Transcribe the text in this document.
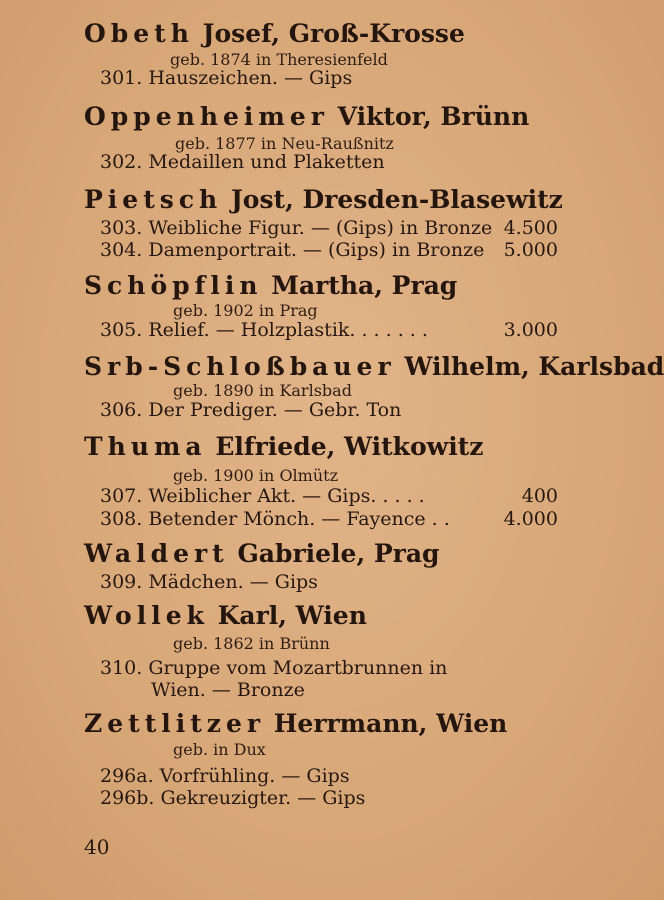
Obeth Josef, Groß-Krosse
geb. 1874 in Theresienfeld
301. Hauszeichen. — Gips
Oppenheimer Viktor, Brünn
geb. 1877 in Neu-Raußnitz
302. Medaillen und Plaketten
Pietsch Jost, Dresden-Blasewitz
303. Weibliche Figur. — (Gips) in Bronze 4.500
304. Damenportrait. — (Gips) in Bronze 5.000
Schöpflin Martha, Prag
geb. 1902 in Prag
305. Relief. — Holzplastik. . . . . . .	3.000
Srb-Schloßbauer Wilhelm, Karlsbad
geb. 1890 in Karlsbad
306. Der Prediger. — Gebr. Ton
Thuma Elfriede, Witkowitz
geb. 1900 in Olmütz
307. Weiblicher Akt. — Gips. . . . .	400
308. Betender Mönch. — Fayence . .	4.000
Waldert Gabriele, Prag
309. Mädchen. — Gips
Wollek Karl, Wien
geb. 1862 in Brünn
310. Gruppe vom Mozartbrunnen in
Wien. — Bronze
Zettlitzer Herrmann, Wien
geb. in Dux
296a. Vorfrühling. — Gips
296b. Gekreuzigter. — Gips
40
